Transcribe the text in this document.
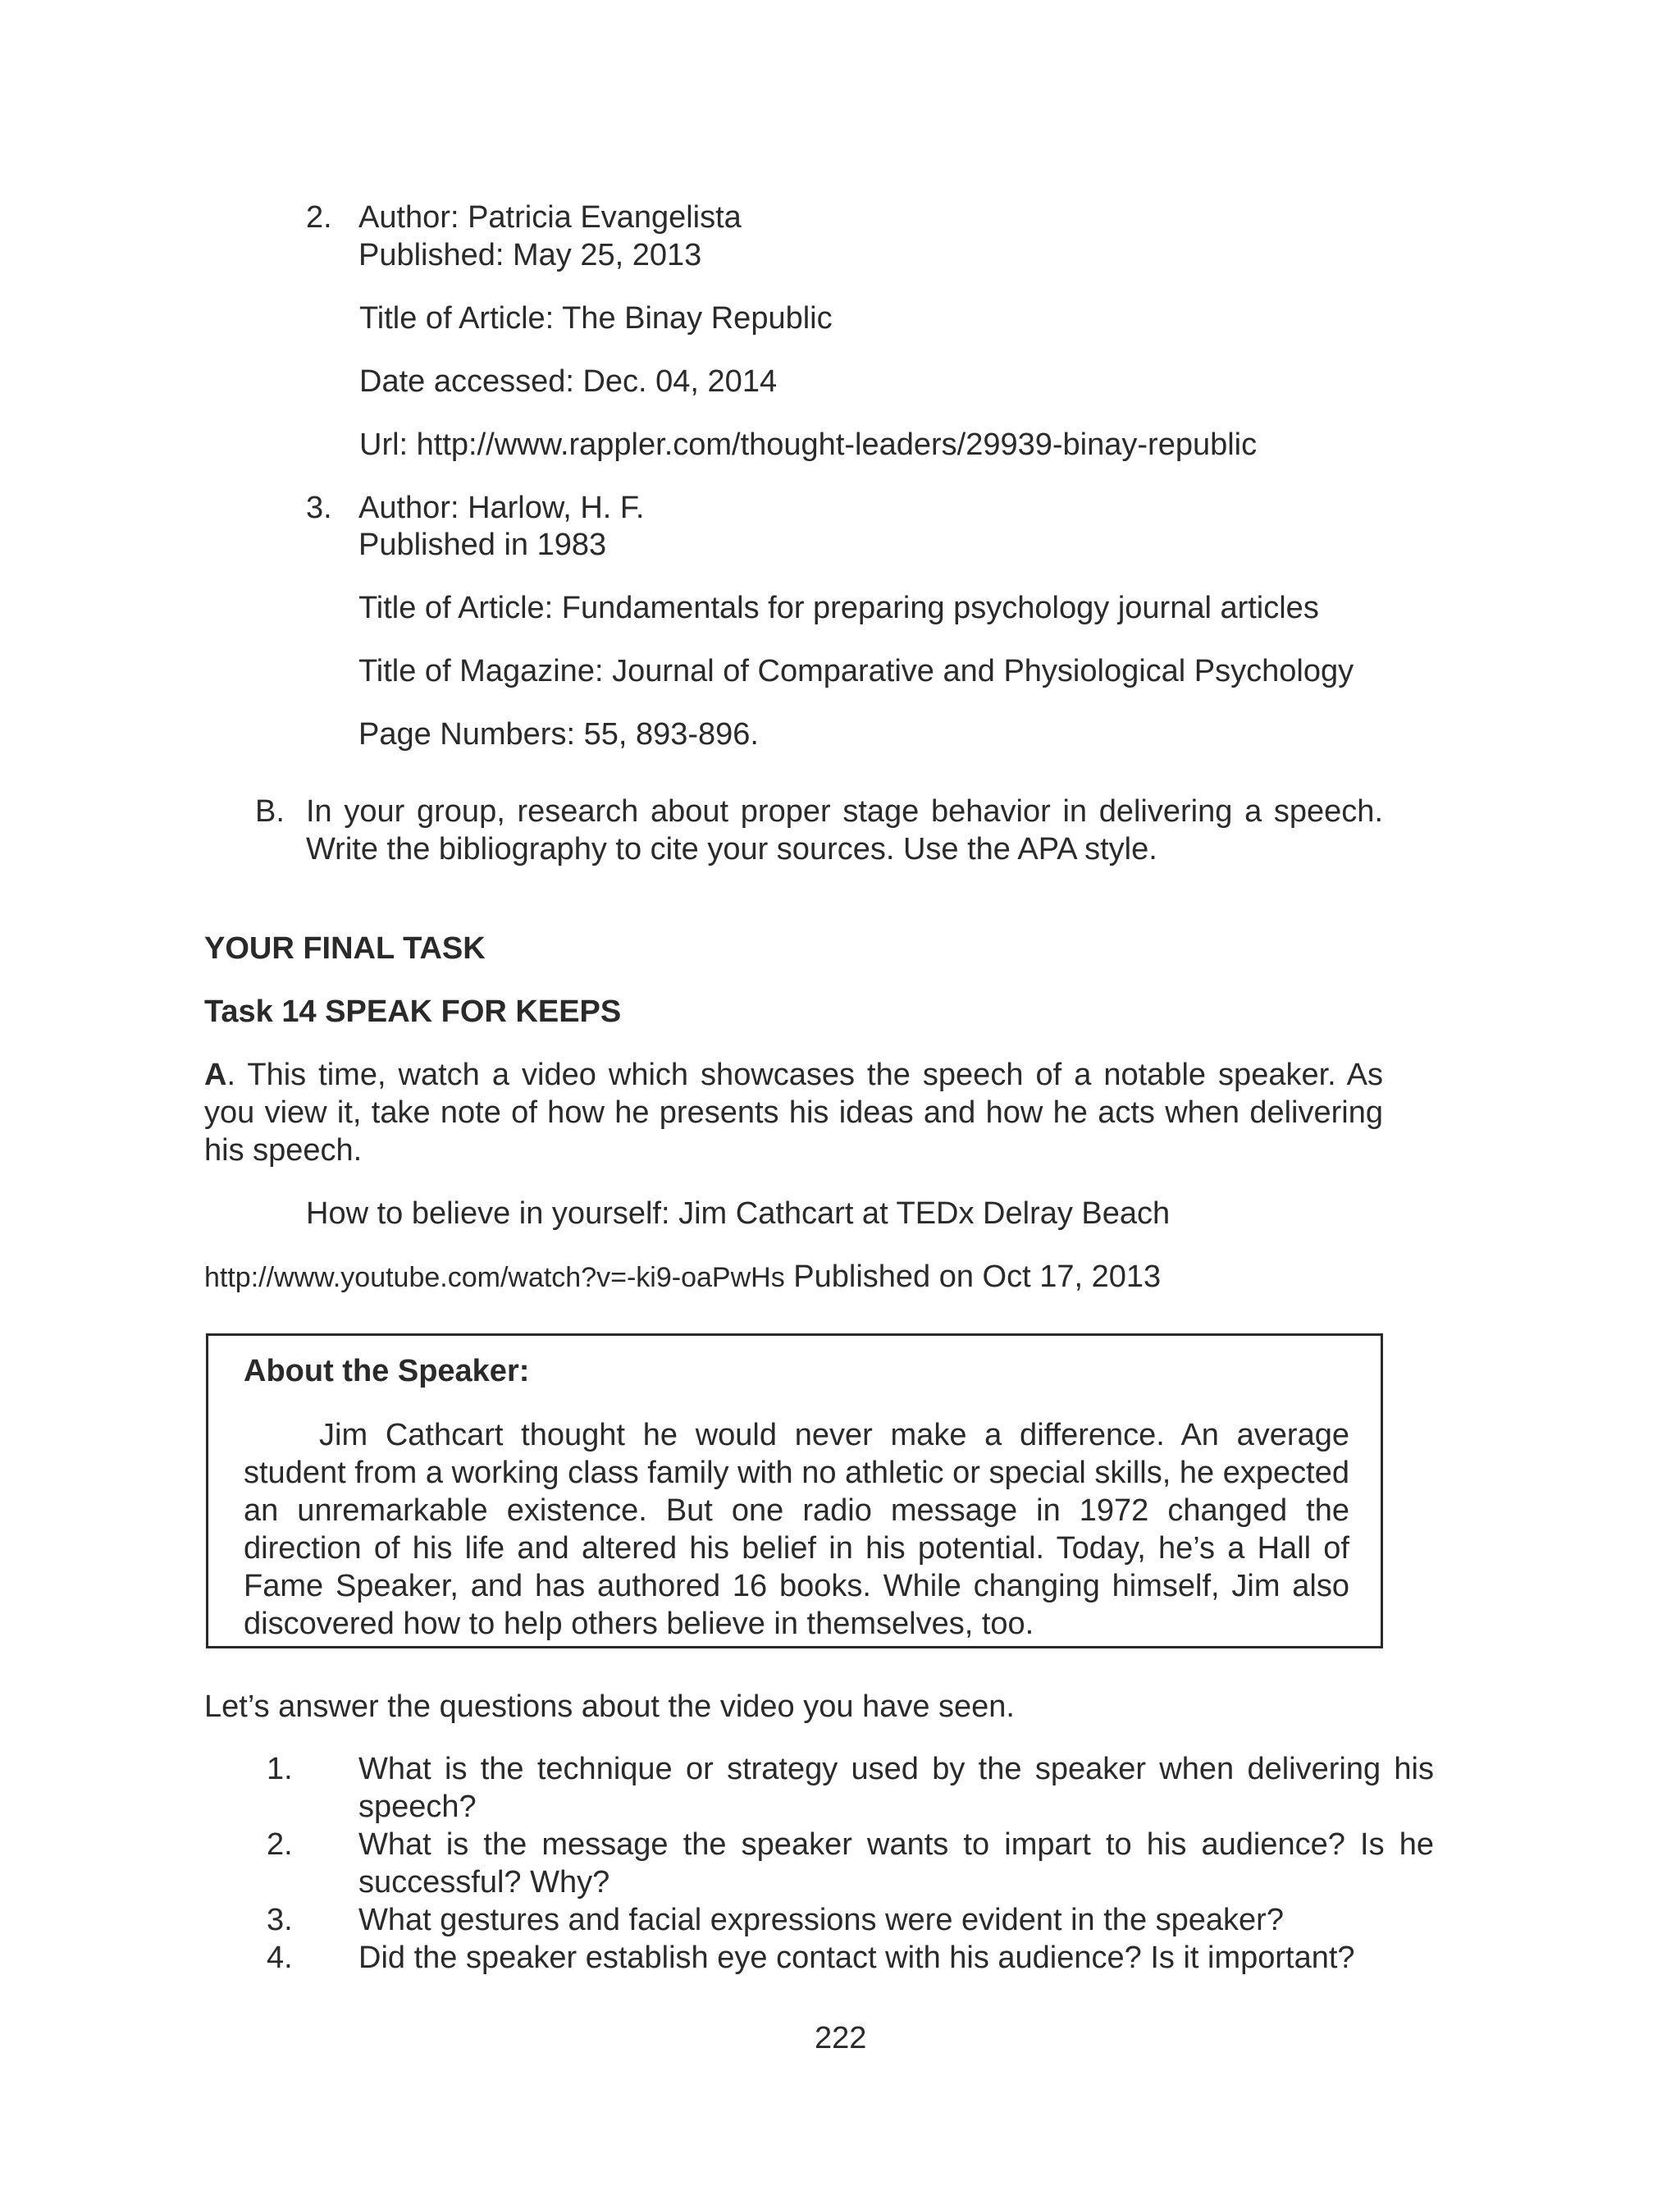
2. Author: Patricia Evangelista
Published: May 25, 2013
Title of Article: The Binay Republic
Date accessed: Dec. 04, 2014
Url: http://www.rappler.com/thought-leaders/29939-binay-republic
3. Author: Harlow, H. F.
Published in 1983
Title of Article: Fundamentals for preparing psychology journal articles
Title of Magazine: Journal of Comparative and Physiological Psychology
Page Numbers: 55, 893-896.
B. In your group, research about proper stage behavior in delivering a speech. Write the bibliography to cite your sources. Use the APA style.
YOUR FINAL TASK
Task 14 SPEAK FOR KEEPS
A. This time, watch a video which showcases the speech of a notable speaker. As you view it, take note of how he presents his ideas and how he acts when delivering his speech.
How to believe in yourself: Jim Cathcart at TEDx Delray Beach
http://www.youtube.com/watch?v=-ki9-oaPwHs Published on Oct 17, 2013
About the Speaker:
Jim Cathcart thought he would never make a difference. An average student from a working class family with no athletic or special skills, he expected an unremarkable existence. But one radio message in 1972 changed the direction of his life and altered his belief in his potential. Today, he’s a Hall of Fame Speaker, and has authored 16 books. While changing himself, Jim also discovered how to help others believe in themselves, too.
Let’s answer the questions about the video you have seen.
1. What is the technique or strategy used by the speaker when delivering his speech?
2. What is the message the speaker wants to impart to his audience? Is he successful? Why?
3. What gestures and facial expressions were evident in the speaker?
4. Did the speaker establish eye contact with his audience? Is it important?
222
